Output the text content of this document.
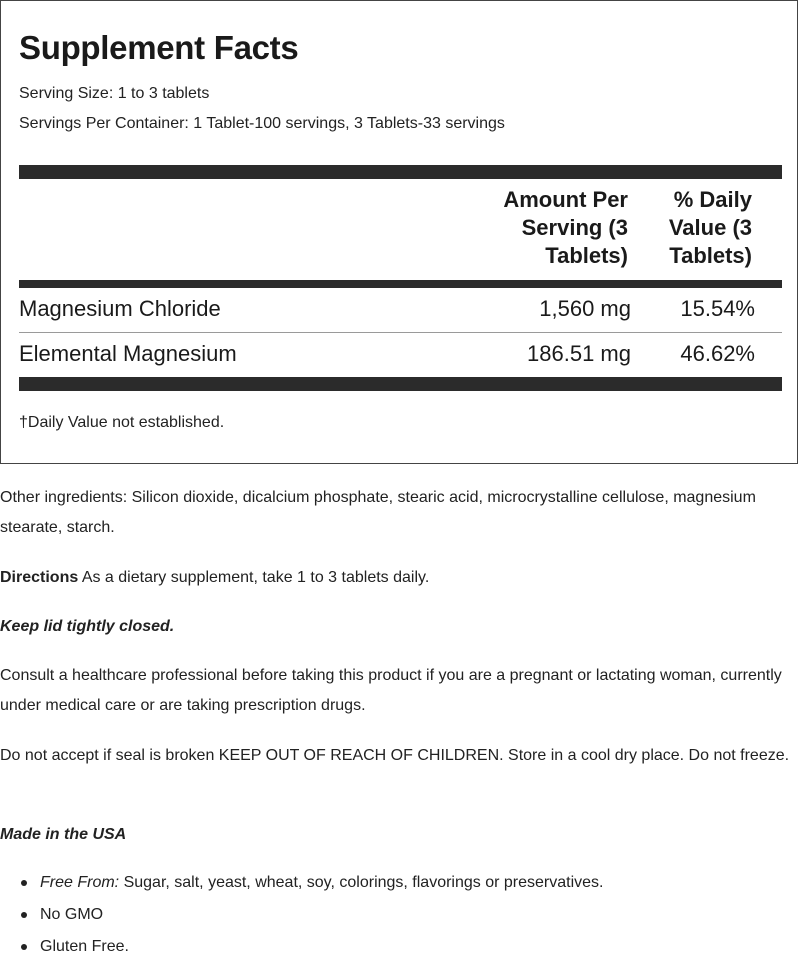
Supplement Facts
Serving Size: 1 to 3 tablets
Servings Per Container: 1 Tablet-100 servings, 3 Tablets-33 servings
Amount Per
Serving (3
Tablets)
% Daily
Value (3
Tablets)
Magnesium Chloride	1,560 mg 15.54%
Elemental Magnesium	186.51 mg 46.62%
†Daily Value not established.

Other ingredients: Silicon dioxide, dicalcium phosphate, stearic acid, microcrystalline cellulose, magnesium stearate, starch.

Directions As a dietary supplement, take 1 to 3 tablets daily.

Keep lid tightly closed.

Consult a healthcare professional before taking this product if you are a pregnant or lactating woman, currently under medical care or are taking prescription drugs.

Do not accept if seal is broken KEEP OUT OF REACH OF CHILDREN. Store in a cool dry place. Do not freeze.

Made in the USA

Free From: Sugar, salt, yeast, wheat, soy, colorings, flavorings or preservatives.
No GMO
Gluten Free.
